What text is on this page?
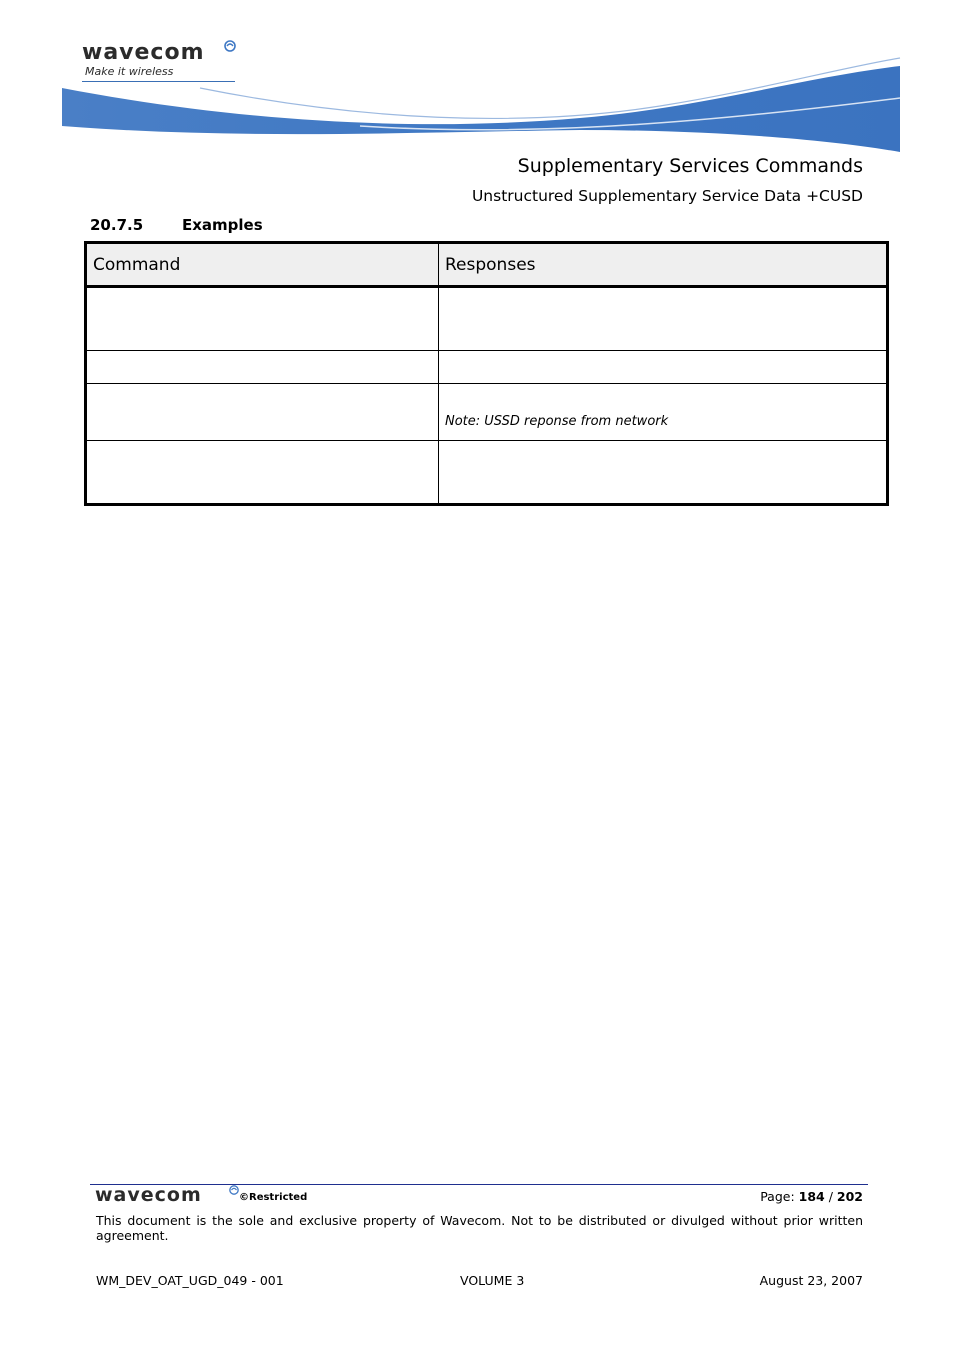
wavecom
Make it wireless
Supplementary Services Commands
Unstructured Supplementary Service Data +CUSD
20.7.5	Examples
Command	Responses

	Note: USSD reponse from network

wavecom	©Restricted	Page: 184 / 202
This document is the sole and exclusive property of Wavecom. Not to be distributed or divulged without prior written agreement.
WM_DEV_OAT_UGD_049 - 001	VOLUME 3	August 23, 2007
